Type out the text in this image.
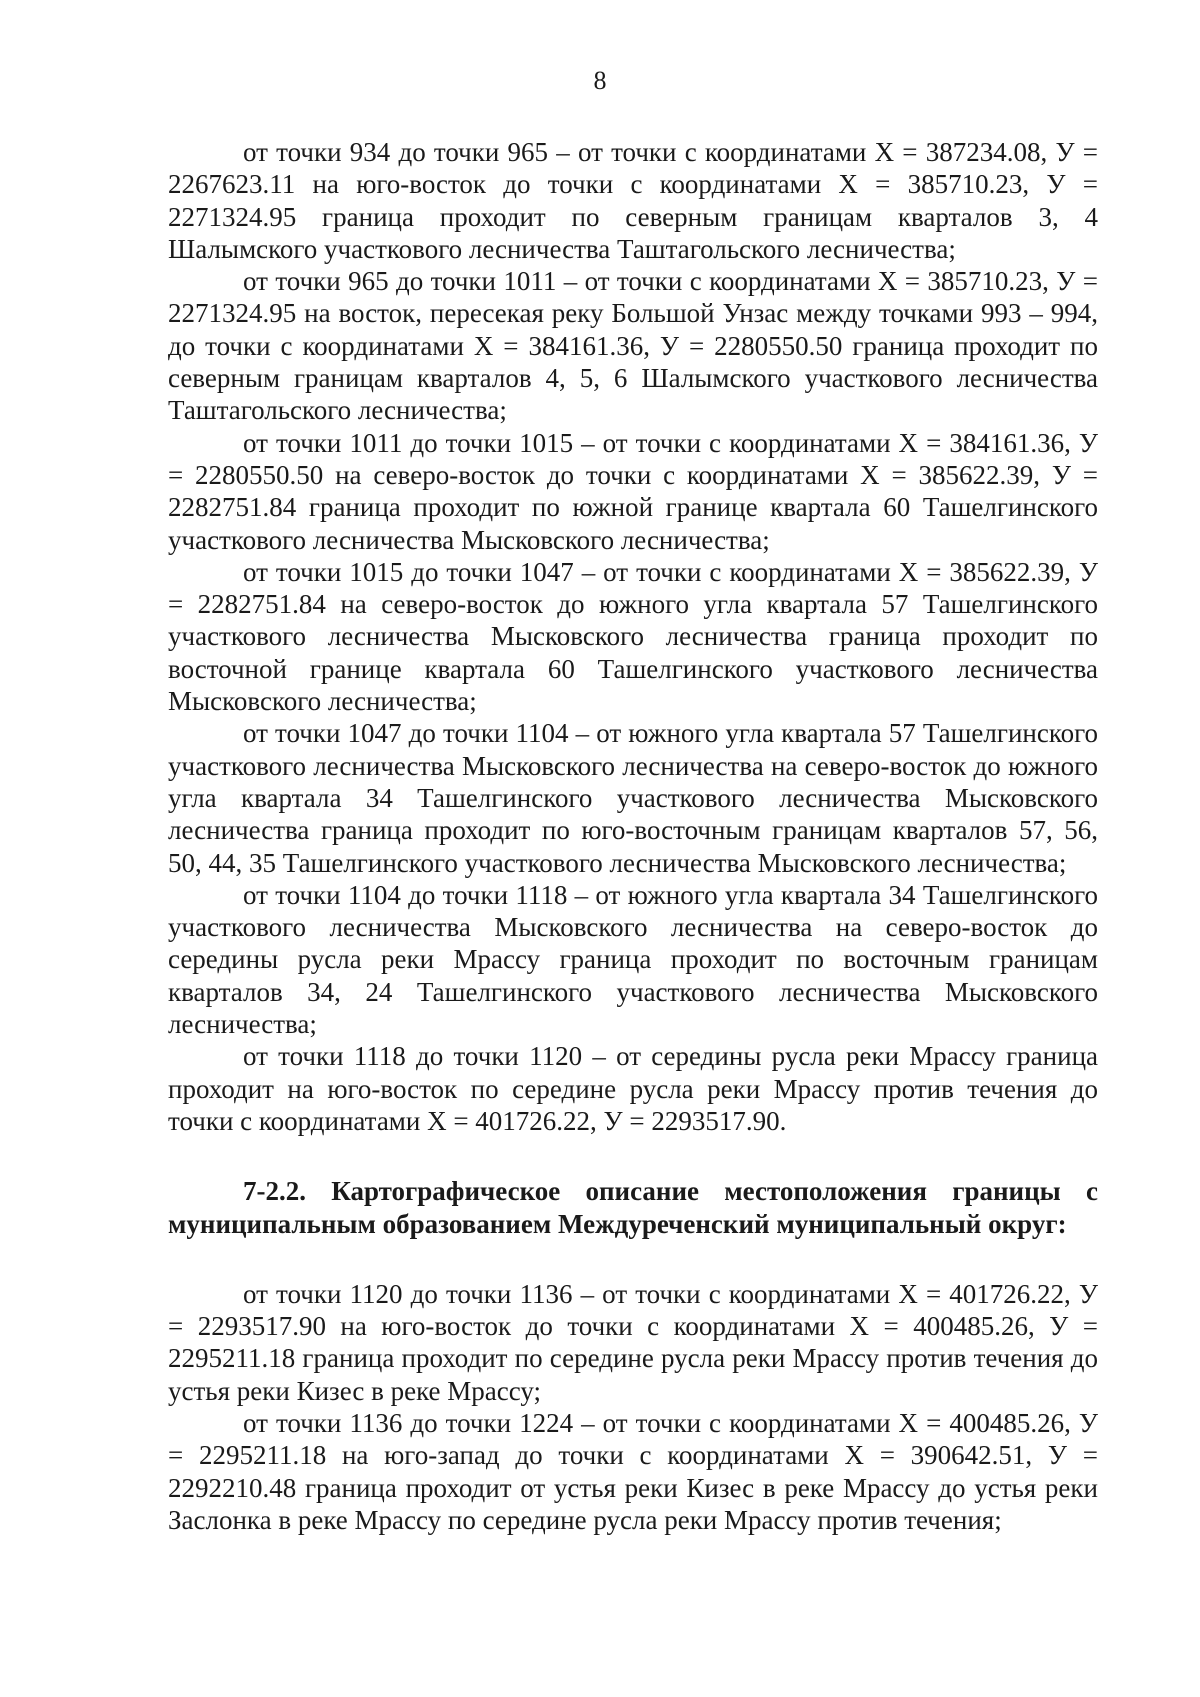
8

от точки 934 до точки 965 – от точки с координатами Х = 387234.08, У = 2267623.11 на юго-восток до точки с координатами Х = 385710.23, У = 2271324.95 граница проходит по северным границам кварталов 3, 4 Шалымского участкового лесничества Таштагольского лесничества;

от точки 965 до точки 1011 – от точки с координатами Х = 385710.23, У = 2271324.95 на восток, пересекая реку Большой Унзас между точками 993 – 994, до точки с координатами Х = 384161.36, У = 2280550.50 граница проходит по северным границам кварталов 4, 5, 6 Шалымского участкового лесничества Таштагольского лесничества;

от точки 1011 до точки 1015 – от точки с координатами Х = 384161.36, У = 2280550.50 на северо-восток до точки с координатами Х = 385622.39, У = 2282751.84 граница проходит по южной границе квартала 60 Ташелгинского участкового лесничества Мысковского лесничества;

от точки 1015 до точки 1047 – от точки с координатами Х = 385622.39, У = 2282751.84 на северо-восток до южного угла квартала 57 Ташелгинского участкового лесничества Мысковского лесничества граница проходит по восточной границе квартала 60 Ташелгинского участкового лесничества Мысковского лесничества;

от точки 1047 до точки 1104 – от южного угла квартала 57 Ташелгинского участкового лесничества Мысковского лесничества на северо-восток до южного угла квартала 34 Ташелгинского участкового лесничества Мысковского лесничества граница проходит по юго-восточным границам кварталов 57, 56, 50, 44, 35 Ташелгинского участкового лесничества Мысковского лесничества;

от точки 1104 до точки 1118 – от южного угла квартала 34 Ташелгинского участкового лесничества Мысковского лесничества на северо-восток до середины русла реки Мрассу граница проходит по восточным границам кварталов 34, 24 Ташелгинского участкового лесничества Мысковского лесничества;

от точки 1118 до точки 1120 – от середины русла реки Мрассу граница проходит на юго-восток по середине русла реки Мрассу против течения до точки с координатами Х = 401726.22, У = 2293517.90.

7-2.2. Картографическое описание местоположения границы с муниципальным образованием Междуреченский муниципальный округ:

от точки 1120 до точки 1136 – от точки с координатами Х = 401726.22, У = 2293517.90 на юго-восток до точки с координатами Х = 400485.26, У = 2295211.18 граница проходит по середине русла реки Мрассу против течения до устья реки Кизес в реке Мрассу;

от точки 1136 до точки 1224 – от точки с координатами Х = 400485.26, У = 2295211.18 на юго-запад до точки с координатами Х = 390642.51, У = 2292210.48 граница проходит от устья реки Кизес в реке Мрассу до устья реки Заслонка в реке Мрассу по середине русла реки Мрассу против течения;
